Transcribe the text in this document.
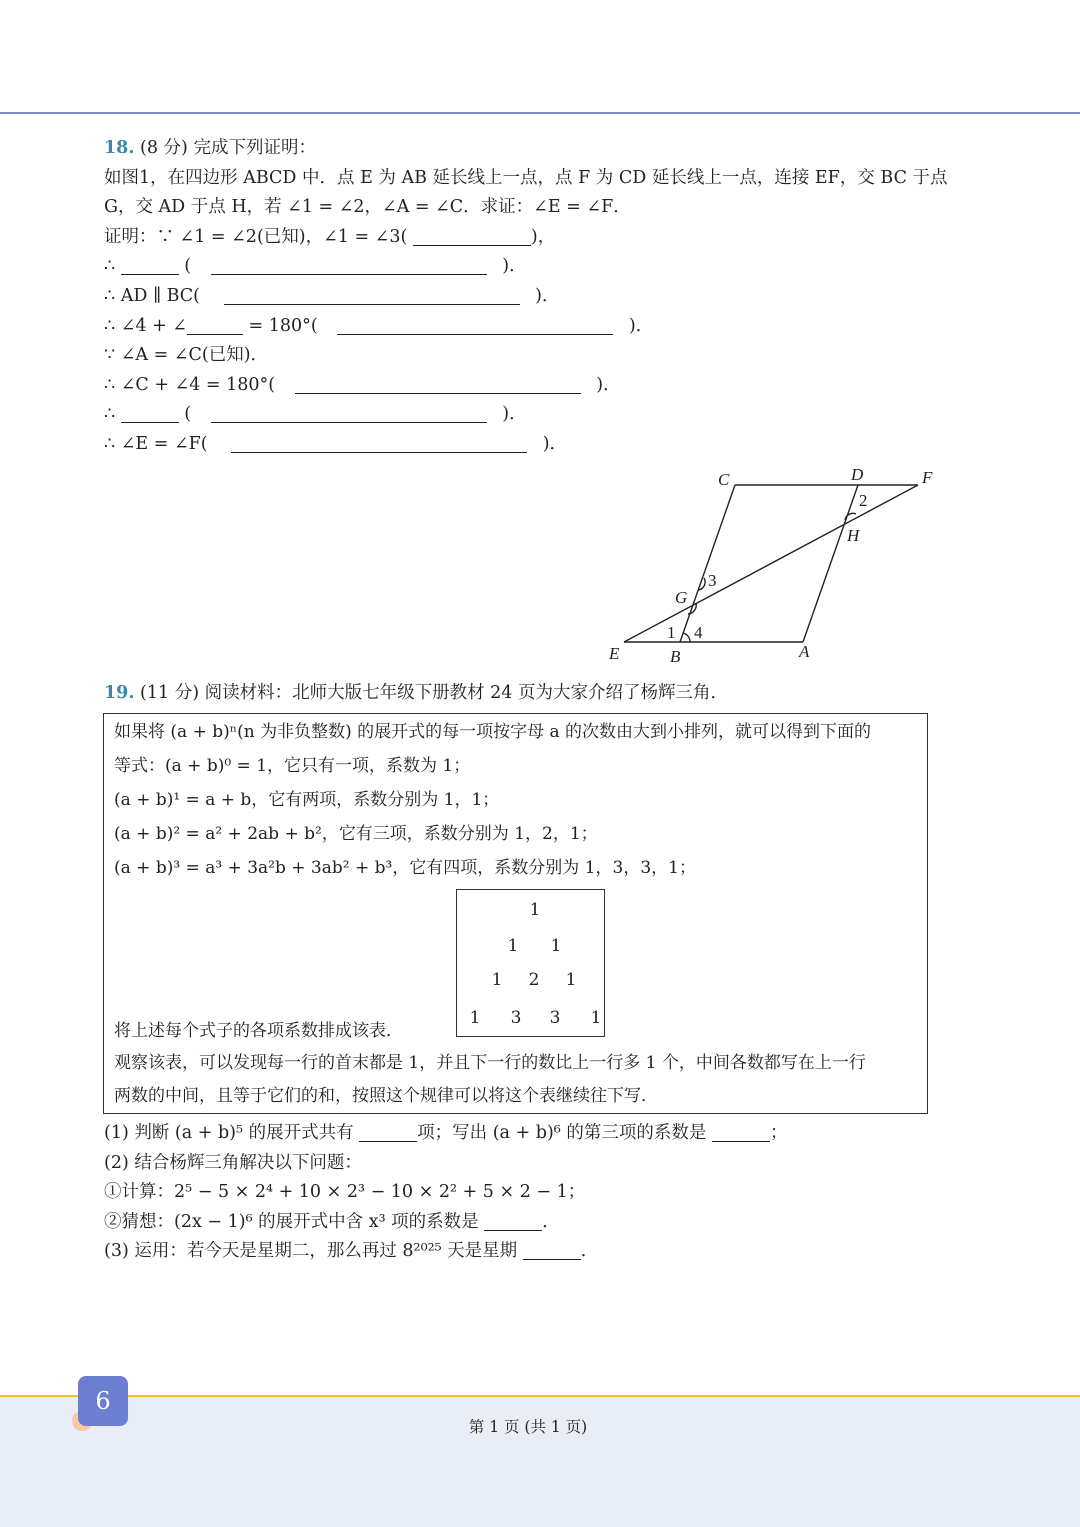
18. (8 分) 完成下列证明：
如图1，在四边形 ABCD 中．点 E 为 AB 延长线上一点，点 F 为 CD 延长线上一点，连接 EF，交 BC 于点
G，交 AD 于点 H，若 ∠1 = ∠2，∠A = ∠C．求证：∠E = ∠F．
证明：∵ ∠1 = ∠2(已知)，∠1 = ∠3(	)，
∴	(	)．
∴ AD ∥ BC(	)．
∴ ∠4 + ∠	= 180°(	)．
∵ ∠A = ∠C(已知)．
∴ ∠C + ∠4 = 180°(	)．
∴	(	)．
∴ ∠E = ∠F(	)．
C	D	F
2
H
3
G
1 4
E	B	A
19. (11 分) 阅读材料：北师大版七年级下册教材 24 页为大家介绍了杨辉三角．
如果将 (a + b)ⁿ(n 为非负整数) 的展开式的每一项按字母 a 的次数由大到小排列，就可以得到下面的
等式：(a + b)⁰ = 1，它只有一项，系数为 1；
(a + b)¹ = a + b，它有两项，系数分别为 1，1；
(a + b)² = a² + 2ab + b²，它有三项，系数分别为 1，2，1；
(a + b)³ = a³ + 3a²b + 3ab² + b³，它有四项，系数分别为 1，3，3，1；
1
1 1
1 2 1
1 3 3 1
将上述每个式子的各项系数排成该表．
观察该表，可以发现每一行的首末都是 1，并且下一行的数比上一行多 1 个，中间各数都写在上一行
两数的中间，且等于它们的和，按照这个规律可以将这个表继续往下写．
(1) 判断 (a + b)⁵ 的展开式共有	项；写出 (a + b)⁶ 的第三项的系数是	；
(2) 结合杨辉三角解决以下问题：
①计算：2⁵ − 5 × 2⁴ + 10 × 2³ − 10 × 2² + 5 × 2 − 1；
②猜想：(2x − 1)⁶ 的展开式中含 x³ 项的系数是	．
(3) 运用：若今天是星期二，那么再过 8²⁰²⁵ 天是星期	．
6
第 1 页 (共 1 页)
